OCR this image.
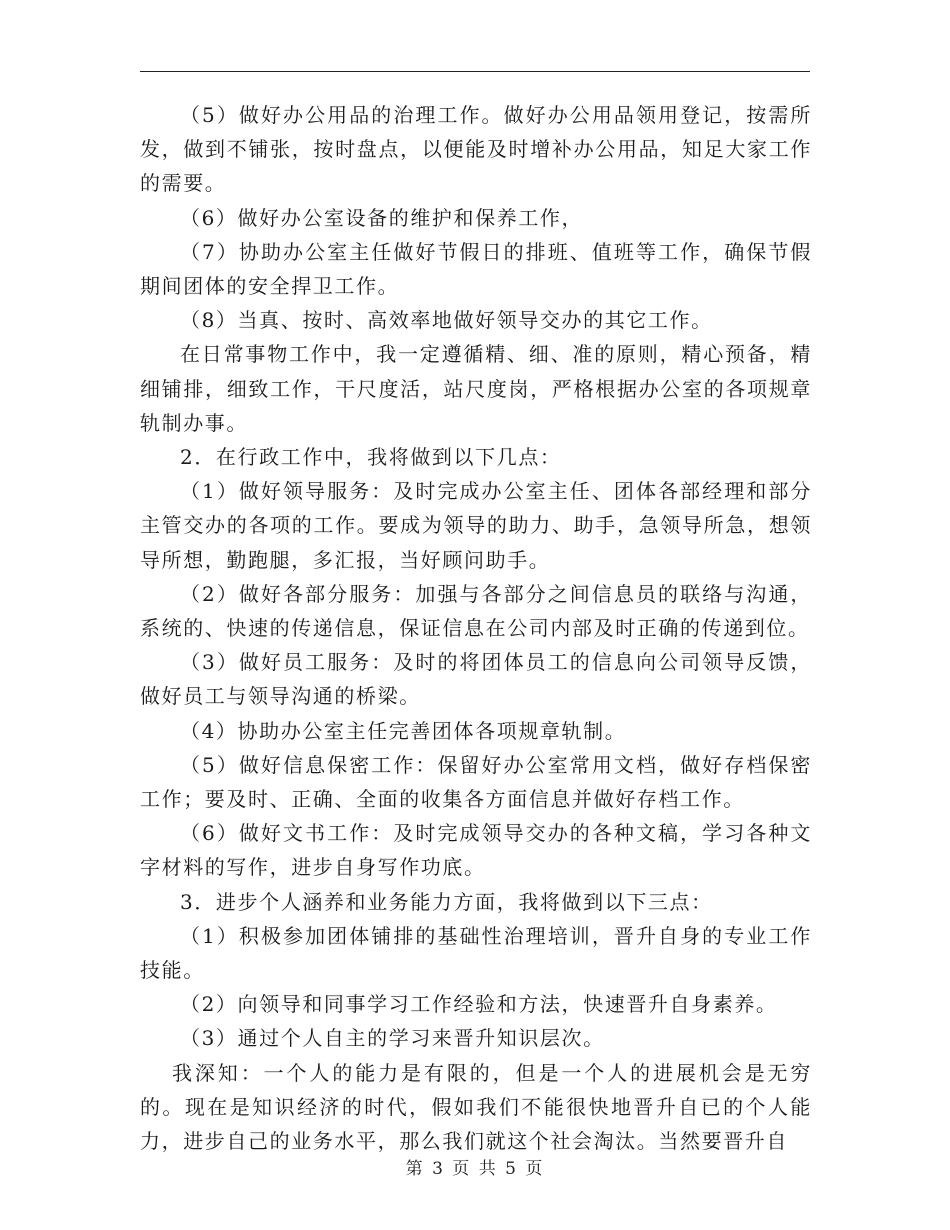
（5）做好办公用品的治理工作。做好办公用品领用登记，按需所发，做到不铺张，按时盘点，以便能及时增补办公用品，知足大家工作的需要。

（6）做好办公室设备的维护和保养工作，

（7）协助办公室主任做好节假日的排班、值班等工作，确保节假期间团体的安全捍卫工作。

（8）当真、按时、高效率地做好领导交办的其它工作。

在日常事物工作中，我一定遵循精、细、准的原则，精心预备，精细铺排，细致工作，干尺度活，站尺度岗，严格根据办公室的各项规章轨制办事。

2．在行政工作中，我将做到以下几点：

（1）做好领导服务：及时完成办公室主任、团体各部经理和部分主管交办的各项的工作。要成为领导的助力、助手，急领导所急，想领导所想，勤跑腿，多汇报，当好顾问助手。

（2）做好各部分服务：加强与各部分之间信息员的联络与沟通，系统的、快速的传递信息，保证信息在公司内部及时正确的传递到位。

（3）做好员工服务：及时的将团体员工的信息向公司领导反馈，做好员工与领导沟通的桥梁。

（4）协助办公室主任完善团体各项规章轨制。

（5）做好信息保密工作：保留好办公室常用文档，做好存档保密工作；要及时、正确、全面的收集各方面信息并做好存档工作。

（6）做好文书工作：及时完成领导交办的各种文稿，学习各种文字材料的写作，进步自身写作功底。

3．进步个人涵养和业务能力方面，我将做到以下三点：

（1）积极参加团体铺排的基础性治理培训，晋升自身的专业工作技能。

（2）向领导和同事学习工作经验和方法，快速晋升自身素养。

（3）通过个人自主的学习来晋升知识层次。

我深知：一个人的能力是有限的，但是一个人的进展机会是无穷的。现在是知识经济的时代，假如我们不能很快地晋升自已的个人能力，进步自己的业务水平，那么我们就这个社会淘汰。当然要晋升自

第 3 页 共 5 页
